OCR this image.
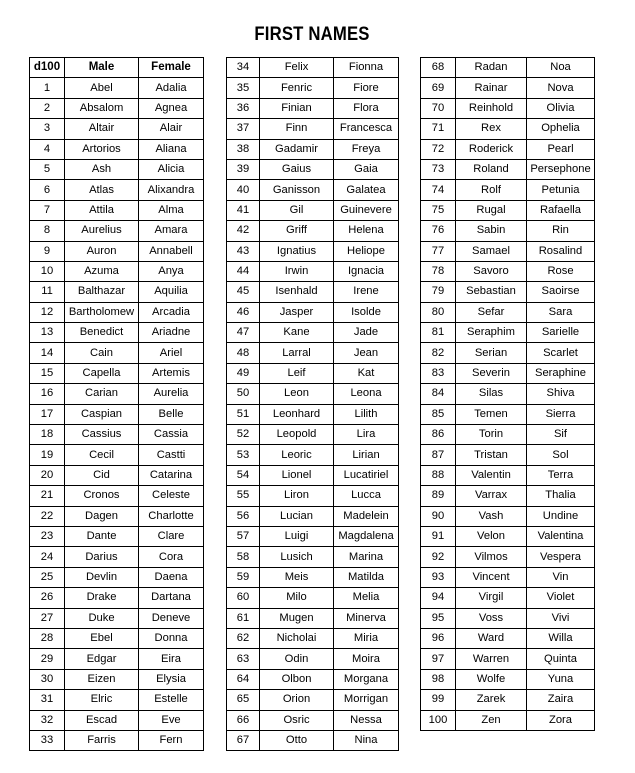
FIRST NAMES
d100	Male	Female
1	Abel	Adalia
2	Absalom	Agnea
3	Altair	Alair
4	Artorios	Aliana
5	Ash	Alicia
6	Atlas	Alixandra
7	Attila	Alma
8	Aurelius	Amara
9	Auron	Annabell
10	Azuma	Anya
11	Balthazar	Aquilia
12	Bartholomew	Arcadia
13	Benedict	Ariadne
14	Cain	Ariel
15	Capella	Artemis
16	Carian	Aurelia
17	Caspian	Belle
18	Cassius	Cassia
19	Cecil	Castti
20	Cid	Catarina
21	Cronos	Celeste
22	Dagen	Charlotte
23	Dante	Clare
24	Darius	Cora
25	Devlin	Daena
26	Drake	Dartana
27	Duke	Deneve
28	Ebel	Donna
29	Edgar	Eira
30	Eizen	Elysia
31	Elric	Estelle
32	Escad	Eve
33	Farris	Fern
34	Felix	Fionna
35	Fenric	Fiore
36	Finian	Flora
37	Finn	Francesca
38	Gadamir	Freya
39	Gaius	Gaia
40	Ganisson	Galatea
41	Gil	Guinevere
42	Griff	Helena
43	Ignatius	Heliope
44	Irwin	Ignacia
45	Isenhald	Irene
46	Jasper	Isolde
47	Kane	Jade
48	Larral	Jean
49	Leif	Kat
50	Leon	Leona
51	Leonhard	Lilith
52	Leopold	Lira
53	Leoric	Lirian
54	Lionel	Lucatiriel
55	Liron	Lucca
56	Lucian	Madelein
57	Luigi	Magdalena
58	Lusich	Marina
59	Meis	Matilda
60	Milo	Melia
61	Mugen	Minerva
62	Nicholai	Miria
63	Odin	Moira
64	Olbon	Morgana
65	Orion	Morrigan
66	Osric	Nessa
67	Otto	Nina
68	Radan	Noa
69	Rainar	Nova
70	Reinhold	Olivia
71	Rex	Ophelia
72	Roderick	Pearl
73	Roland	Persephone
74	Rolf	Petunia
75	Rugal	Rafaella
76	Sabin	Rin
77	Samael	Rosalind
78	Savoro	Rose
79	Sebastian	Saoirse
80	Sefar	Sara
81	Seraphim	Sarielle
82	Serian	Scarlet
83	Severin	Seraphine
84	Silas	Shiva
85	Temen	Sierra
86	Torin	Sif
87	Tristan	Sol
88	Valentin	Terra
89	Varrax	Thalia
90	Vash	Undine
91	Velon	Valentina
92	Vilmos	Vespera
93	Vincent	Vin
94	Virgil	Violet
95	Voss	Vivi
96	Ward	Willa
97	Warren	Quinta
98	Wolfe	Yuna
99	Zarek	Zaira
100	Zen	Zora
